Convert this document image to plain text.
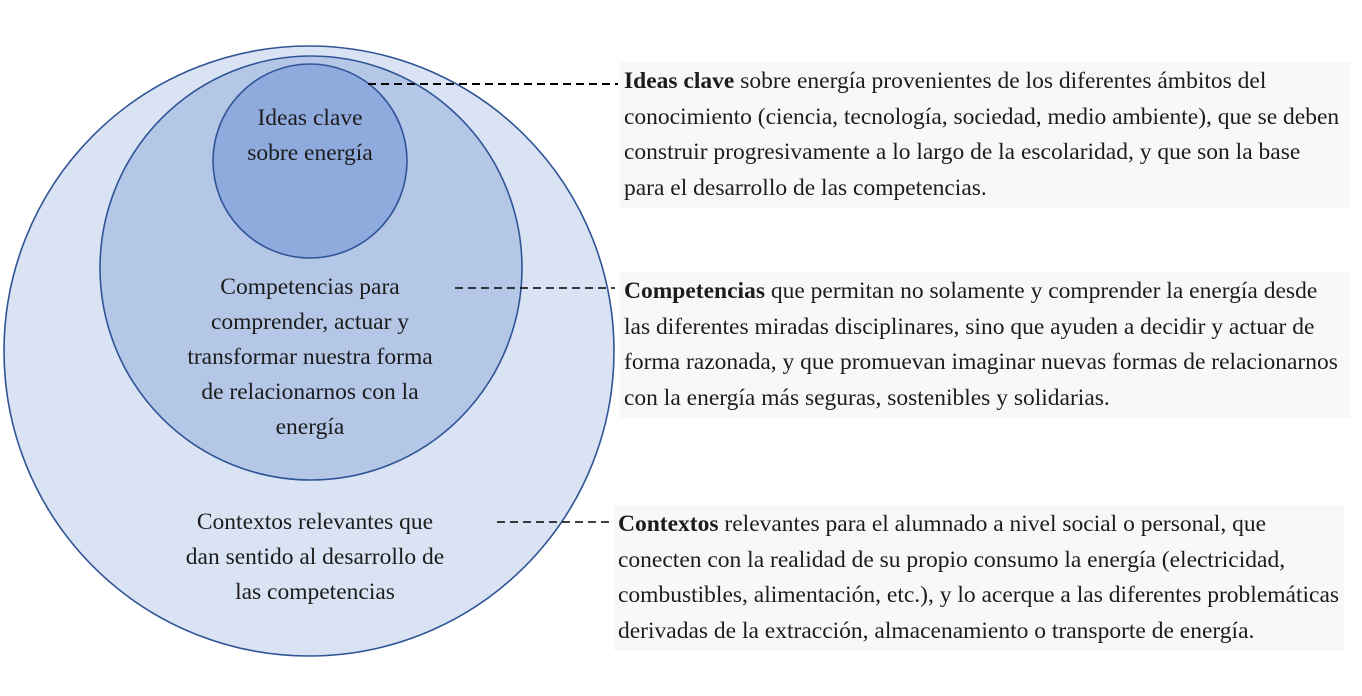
Ideas clave
sobre energía
Competencias para
comprender, actuar y
transformar nuestra forma
de relacionarnos con la
energía
Contextos relevantes que
dan sentido al desarrollo de
las competencias
Ideas clave sobre energía provenientes de los diferentes ámbitos del conocimiento (ciencia, tecnología, sociedad, medio ambiente), que se deben construir progresivamente a lo largo de la escolaridad, y que son la base para el desarrollo de las competencias.
Competencias que permitan no solamente y comprender la energía desde las diferentes miradas disciplinares, sino que ayuden a decidir y actuar de forma razonada, y que promuevan imaginar nuevas formas de relacionarnos con la energía más seguras, sostenibles y solidarias.
Contextos relevantes para el alumnado a nivel social o personal, que conecten con la realidad de su propio consumo la energía (electricidad, combustibles, alimentación, etc.), y lo acerque a las diferentes problemáticas derivadas de la extracción, almacenamiento o transporte de energía.
